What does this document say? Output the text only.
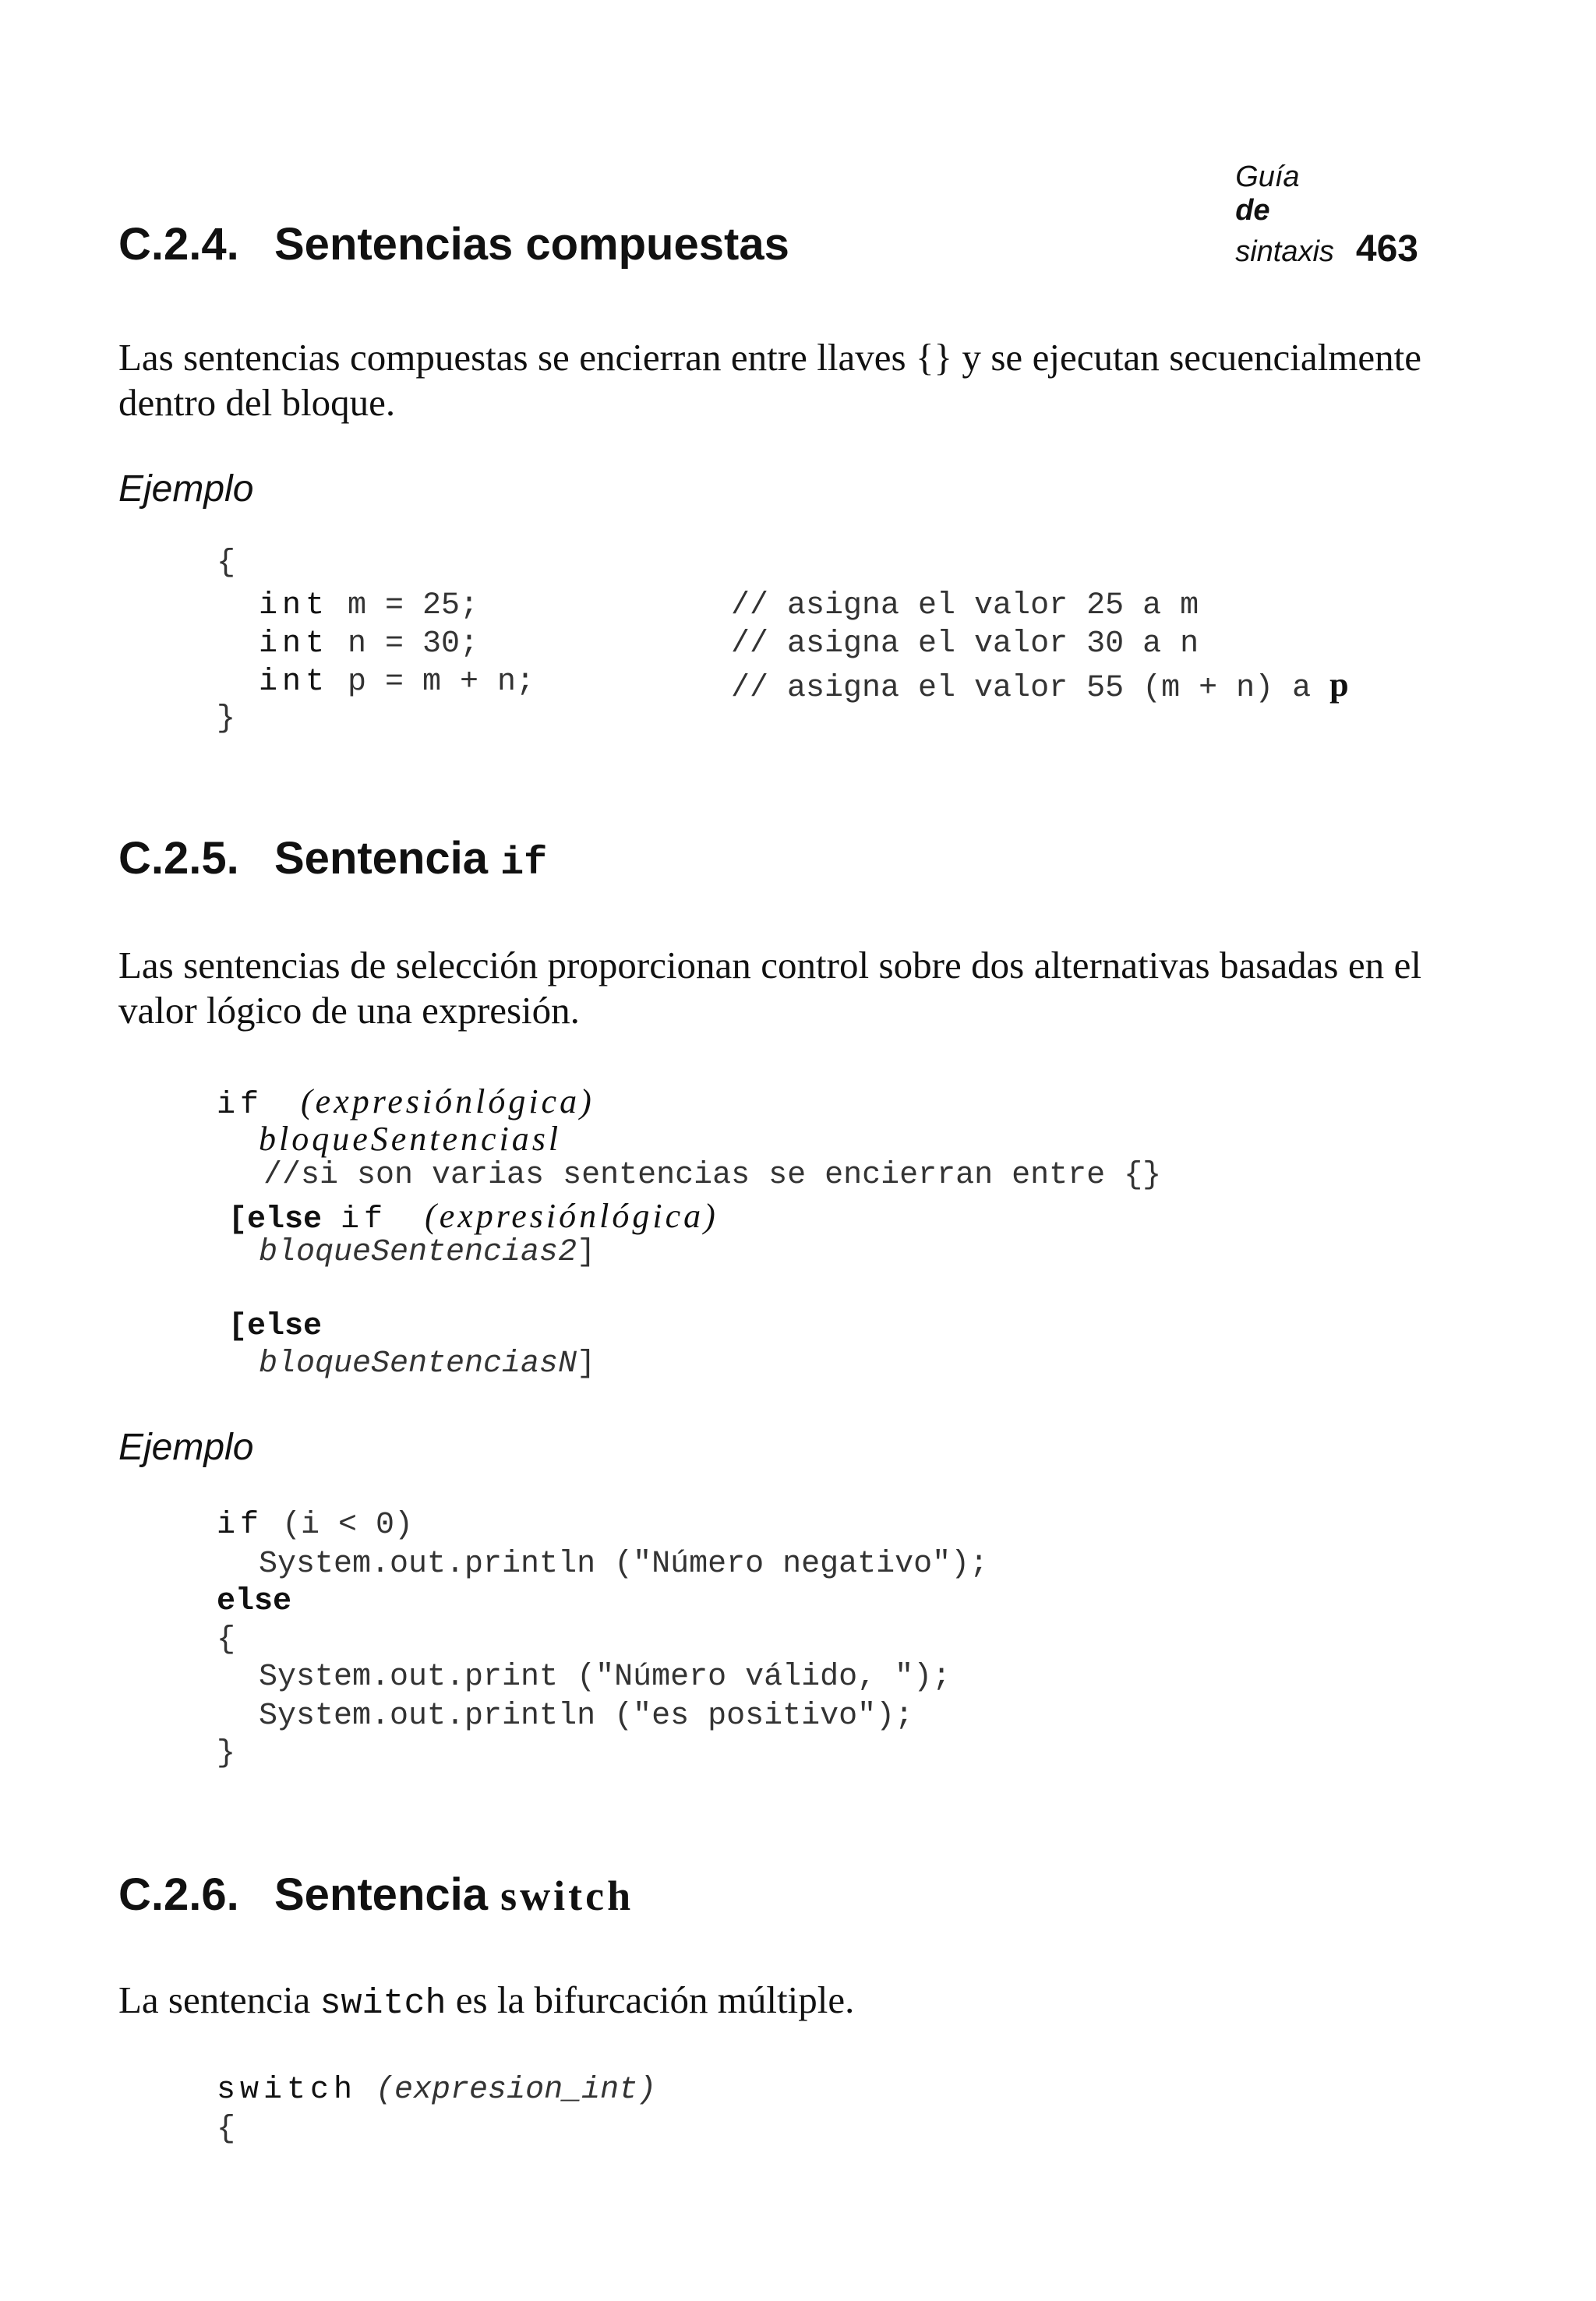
Guía
de
sintaxis 463

C.2.4. Sentencias compuestas
Las sentencias compuestas se encierran entre llaves {} y se ejecutan secuencialmente dentro del bloque.
Ejemplo
{
int m = 25;	// asigna el valor 25 a m
int n = 30;	// asigna el valor 30 a n
int p = m + n;	// asigna el valor 55 (m + n) a p
}
C.2.5. Sentencia if
Las sentencias de selección proporcionan control sobre dos alternativas basadas en el valor lógico de una expresión.
if (expresiónlógica)
bloqueSentenciasl
//si son varias sentencias se encierran entre {}
[else if (expresiónlógica)
bloqueSentencias2]
[else
bloqueSentenciasN]
Ejemplo
if (i < 0)
System.out.println ("Número negativo");
else
{
System.out.print ("Número válido, ");
System.out.println ("es positivo");
}
C.2.6. Sentencia switch
La sentencia switch es la bifurcación múltiple.
switch (expresion_int)
{
